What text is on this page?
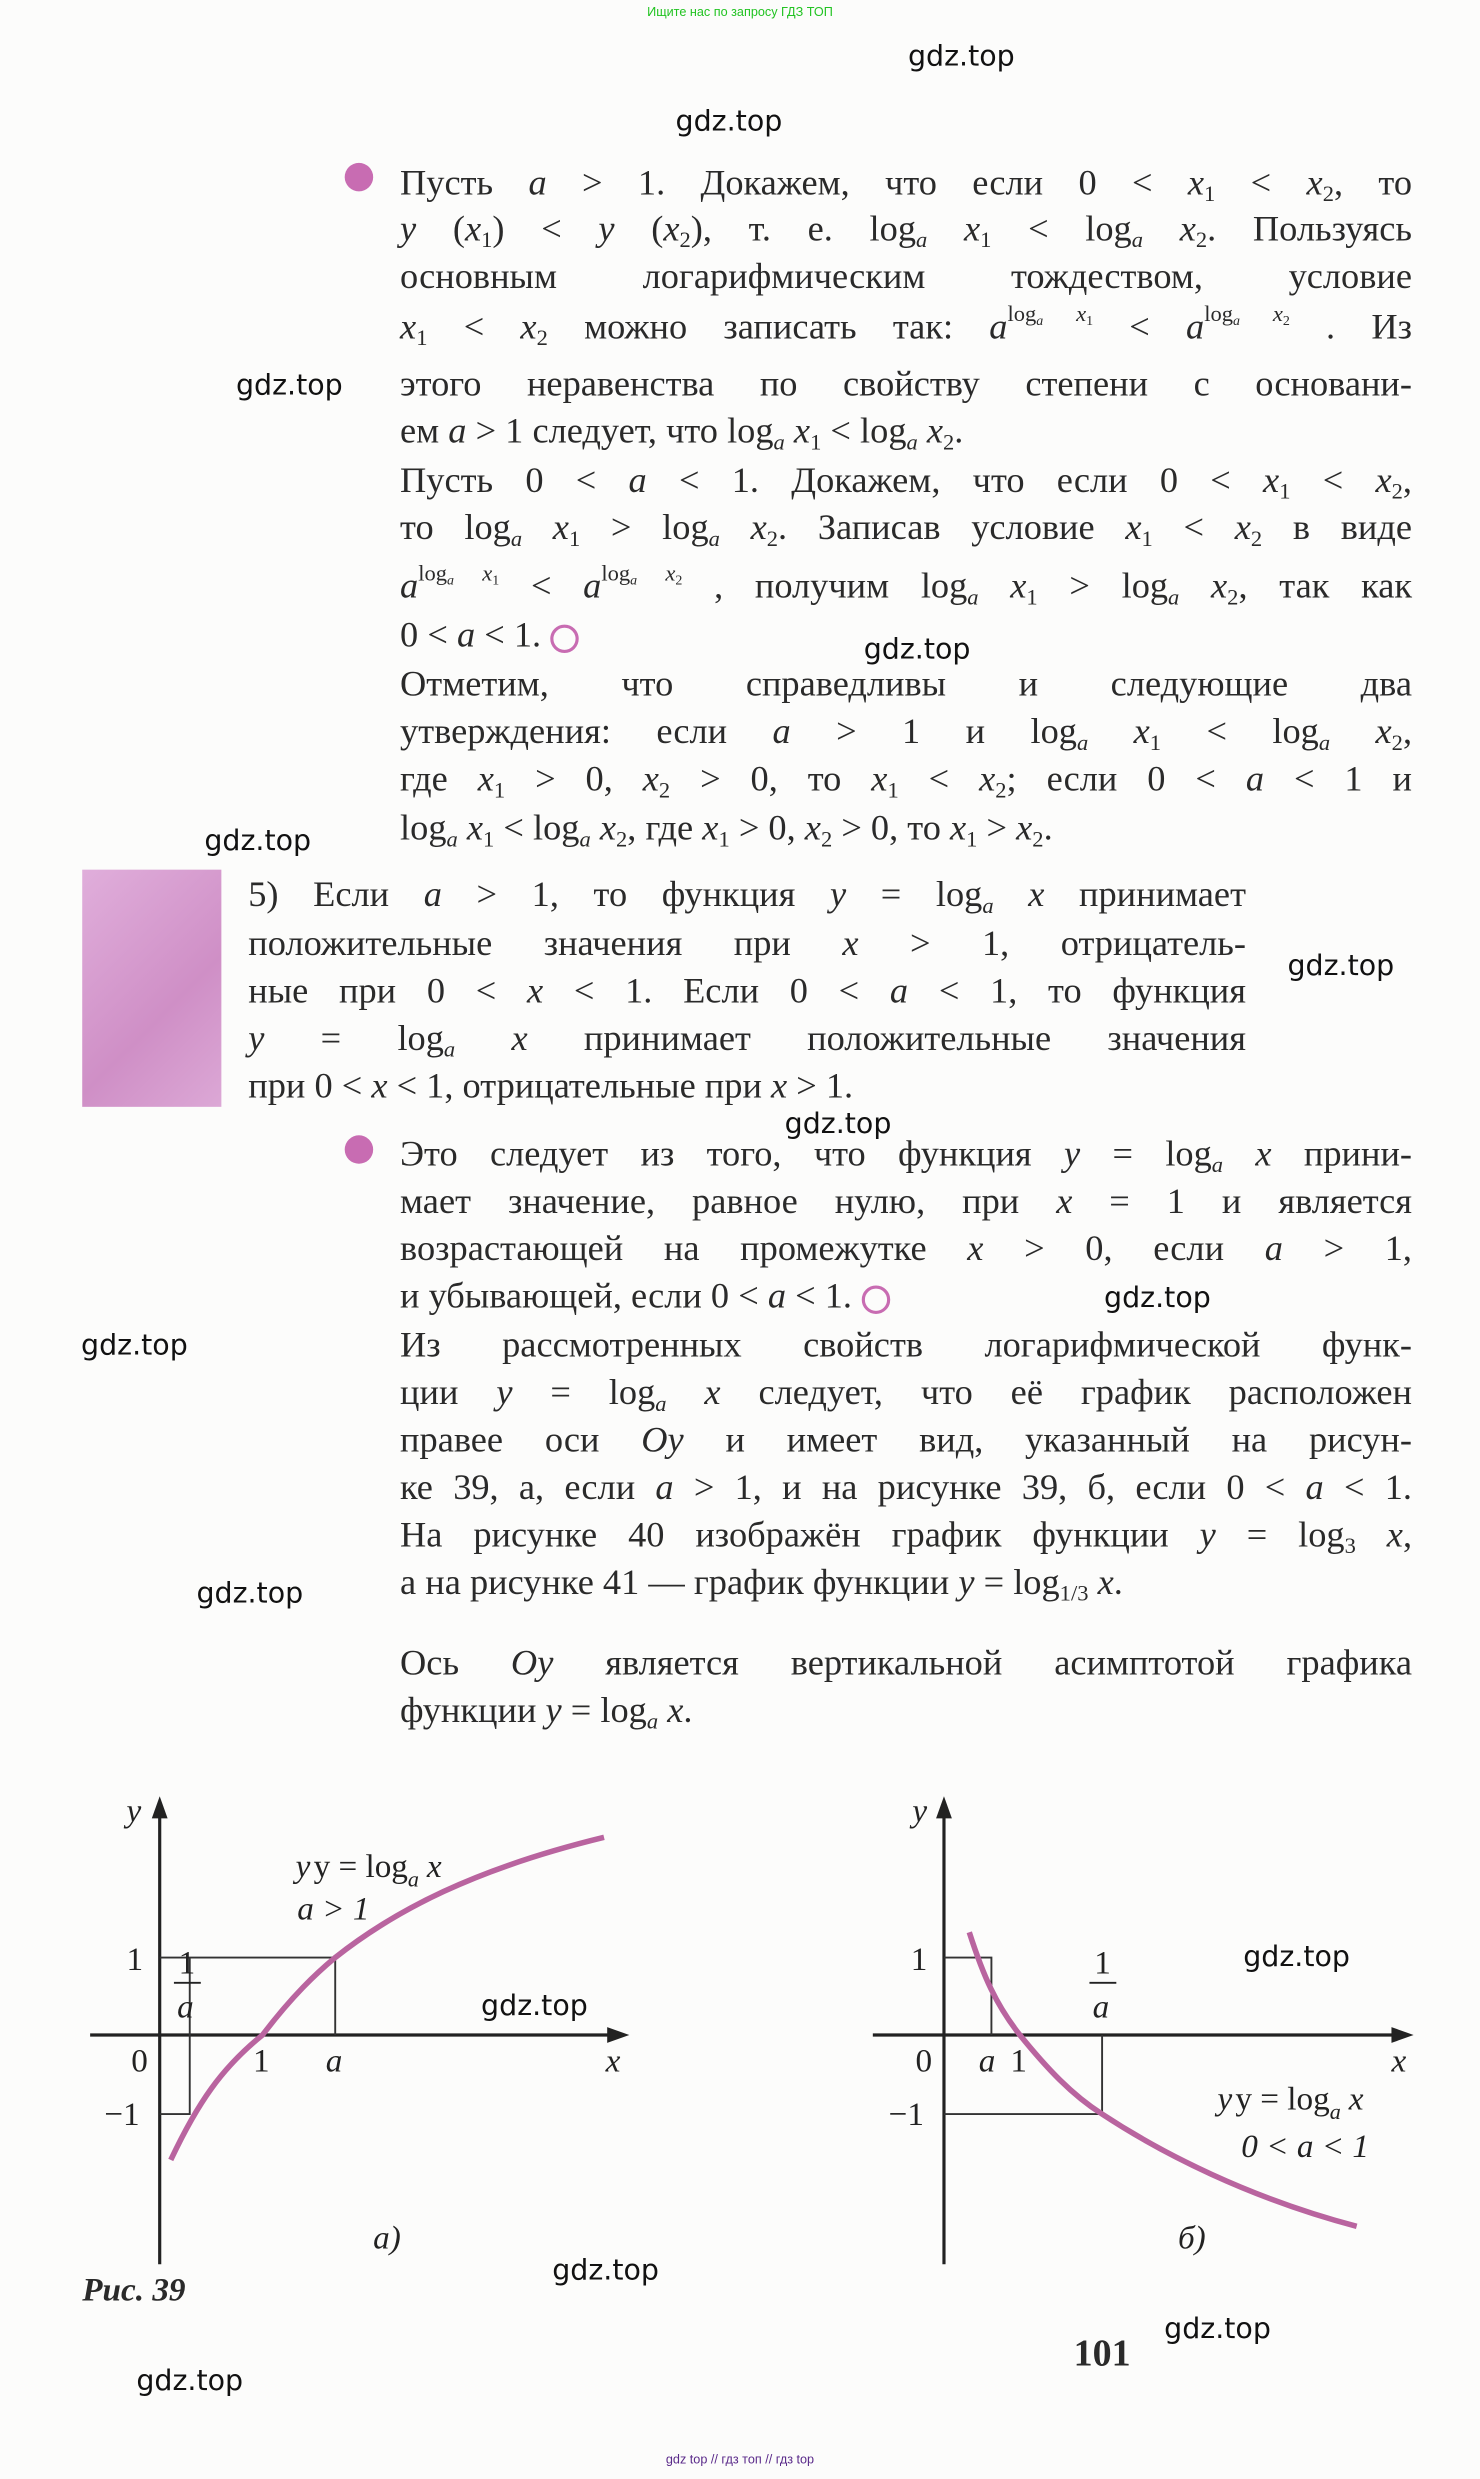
Ищите нас по запросу ГДЗ ТОП
Пусть a > 1. Докажем, что если $0 < x_1 < x_2$, то
y $(x_1) < y$ $(x_2)$, т. е. $\log_a x_1 < \log_a x_2$. Пользуясь
основным логарифмическим тождеством, условие
$x_1 < x_2$ можно записать так: $a^{log_a x_1} < a^{log_a x_2}$ . Из
этого неравенства по свойству степени с основани-
ем a > 1 следует, что $\log_a x_1 < \log_a x_2$.
Пусть 0 < a < 1. Докажем, что если $0 < x_1 < x_2$,
то $\log_a x_1 > \log_a x_2$. Записав условие $x_1 < x_2$ в виде
$a^{log_a x_1} < a^{log_a x_2}$ , получим $\log_a x_1 > \log_a x_2$, так как
0 < a < 1.
Отметим, что справедливы и следующие два
утверждения: если a > 1 и $\log_a x_1 < \log_a x_2$,
где $x_1 > 0$, $x_2 > 0$, то $x_1 < x_2$; если 0 < a < 1 и
$\log_a x_1 < \log_a x_2$, где $x_1 > 0$, $x_2 > 0$, то $x_1 > x_2$.
5) Если a > 1, то функция $y = \log_a x$ принимает
положительные значения при x > 1, отрицатель-
ные при 0 < x < 1. Если 0 < a < 1, то функция
$y = \log_a x$ принимает положительные значения
при 0 < x < 1, отрицательные при x > 1.
Это следует из того, что функция $y = \log_a x$ прини-
мает значение, равное нулю, при x = 1 и является
возрастающей на промежутке x > 0, если a > 1,
и убывающей, если 0 < a < 1.
Из рассмотренных свойств логарифмической функ-
ции $y = \log_a x$ следует, что её график расположен
правее оси Oy и имеет вид, указанный на рисун-
ке 39, а, если a > 1, и на рисунке 39, б, если 0 < a < 1.
На рисунке 40 изображён график функции $y = \log_3 x$,
а на рисунке 41 — график функции $y = \log_{1/3} x$.
Ось Oy является вертикальной асимптотой графика
функции $y = \log_a x$.
y
x
y $y = \log_a x$
a > 1
1 1
a
0	1	a
−1
а)
y
x
1	1
a
0 a 1
−1	y $y = \log_a x$
0 < a < 1
б)
Рис. 39
101
gdz.top
gdz.top
gdz.top
gdz.top
gdz.top
gdz.top
gdz.top
gdz.top
gdz.top
gdz.top
gdz.top
gdz.top
gdz.top
gdz.top
gdz.top
gdz top // гдз топ // гдз top
